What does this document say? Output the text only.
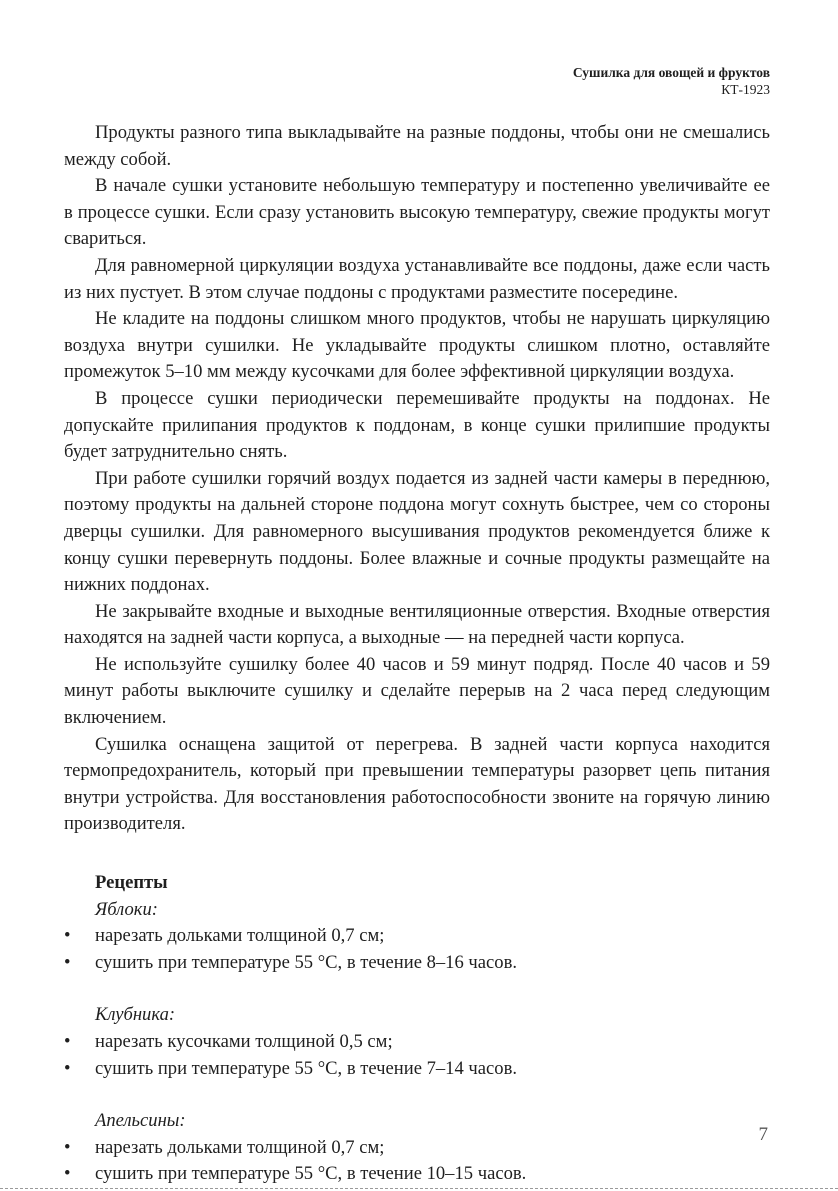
Сушилка для овощей и фруктов
КТ-1923

Продукты разного типа выкладывайте на разные поддоны, чтобы они не смешались между собой.

В начале сушки установите небольшую температуру и постепенно увеличивайте ее в процессе сушки. Если сразу установить высокую температуру, свежие продукты могут свариться.

Для равномерной циркуляции воздуха устанавливайте все поддоны, даже если часть из них пустует. В этом случае поддоны с продуктами разместите посередине.

Не кладите на поддоны слишком много продуктов, чтобы не нарушать циркуляцию воздуха внутри сушилки. Не укладывайте продукты слишком плотно, оставляйте промежуток 5–10 мм между кусочками для более эффективной циркуляции воздуха.

В процессе сушки периодически перемешивайте продукты на поддонах. Не допускайте прилипания продуктов к поддонам, в конце сушки прилипшие продукты будет затруднительно снять.

При работе сушилки горячий воздух подается из задней части камеры в переднюю, поэтому продукты на дальней стороне поддона могут сохнуть быстрее, чем со стороны дверцы сушилки. Для равномерного высушивания продуктов рекомендуется ближе к концу сушки перевернуть поддоны. Более влажные и сочные продукты размещайте на нижних поддонах.

Не закрывайте входные и выходные вентиляционные отверстия. Входные отверстия находятся на задней части корпуса, а выходные — на передней части корпуса.

Не используйте сушилку более 40 часов и 59 минут подряд. После 40 часов и 59 минут работы выключите сушилку и сделайте перерыв на 2 часа перед следующим включением.

Сушилка оснащена защитой от перегрева. В задней части корпуса находится термопредохранитель, который при превышении температуры разорвет цепь питания внутри устройства. Для восстановления работоспособности звоните на горячую линию производителя.

Рецепты
Яблоки:
• нарезать дольками толщиной 0,7 см;
• сушить при температуре 55 °C, в течение 8–16 часов.
Клубника:
• нарезать кусочками толщиной 0,5 см;
• сушить при температуре 55 °C, в течение 7–14 часов.
Апельсины:
• нарезать дольками толщиной 0,7 см;
• сушить при температуре 55 °C, в течение 10–15 часов.
7
